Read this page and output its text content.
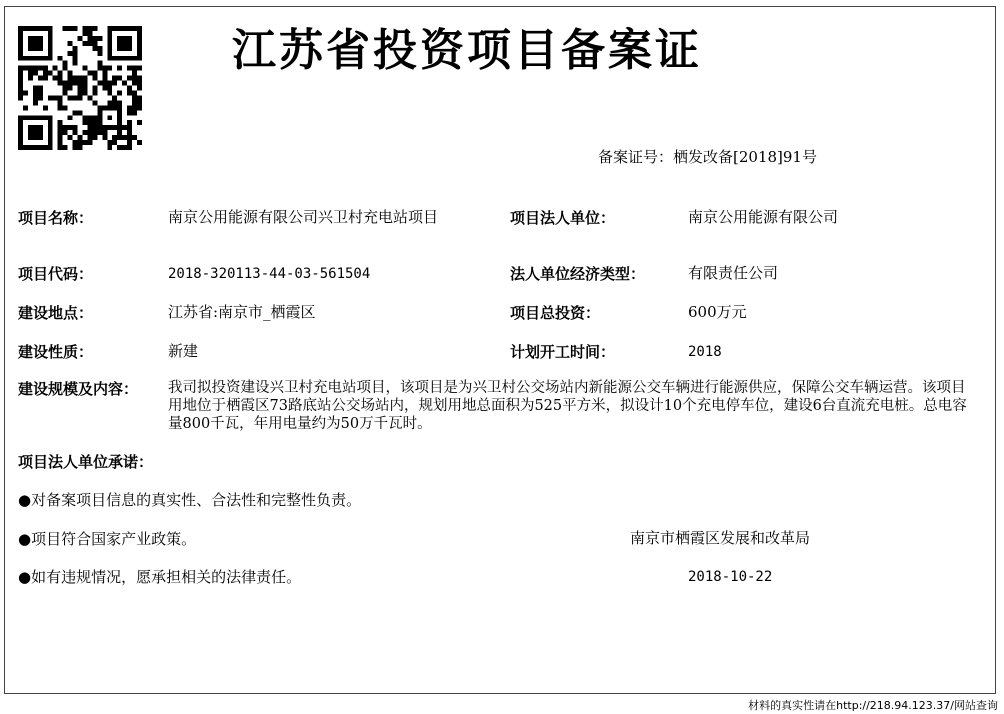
江苏省投资项目备案证
备案证号：栖发改备[2018]91号
项目名称：	南京公用能源有限公司兴卫村充电站项目	项目法人单位：	南京公用能源有限公司
项目代码：	2018-320113-44-03-561504	法人单位经济类型：	有限责任公司
建设地点：	江苏省:南京市_栖霞区	项目总投资：	600万元
建设性质：	新建	计划开工时间：	2018
建设规模及内容： 我司拟投资建设兴卫村充电站项目，该项目是为兴卫村公交场站内新能源公交车辆进行能源供应，保障公交车辆运营。该项目用地位于栖霞区73路底站公交场站内，规划用地总面积为525平方米，拟设计10个充电停车位，建设6台直流充电桩。总电容量800千瓦，年用电量约为50万千瓦时。
项目法人单位承诺：
●对备案项目信息的真实性、合法性和完整性负责。
●项目符合国家产业政策。
●如有违规情况，愿承担相关的法律责任。
南京市栖霞区发展和改革局
2018-10-22
材料的真实性请在http://218.94.123.37/网站查询
